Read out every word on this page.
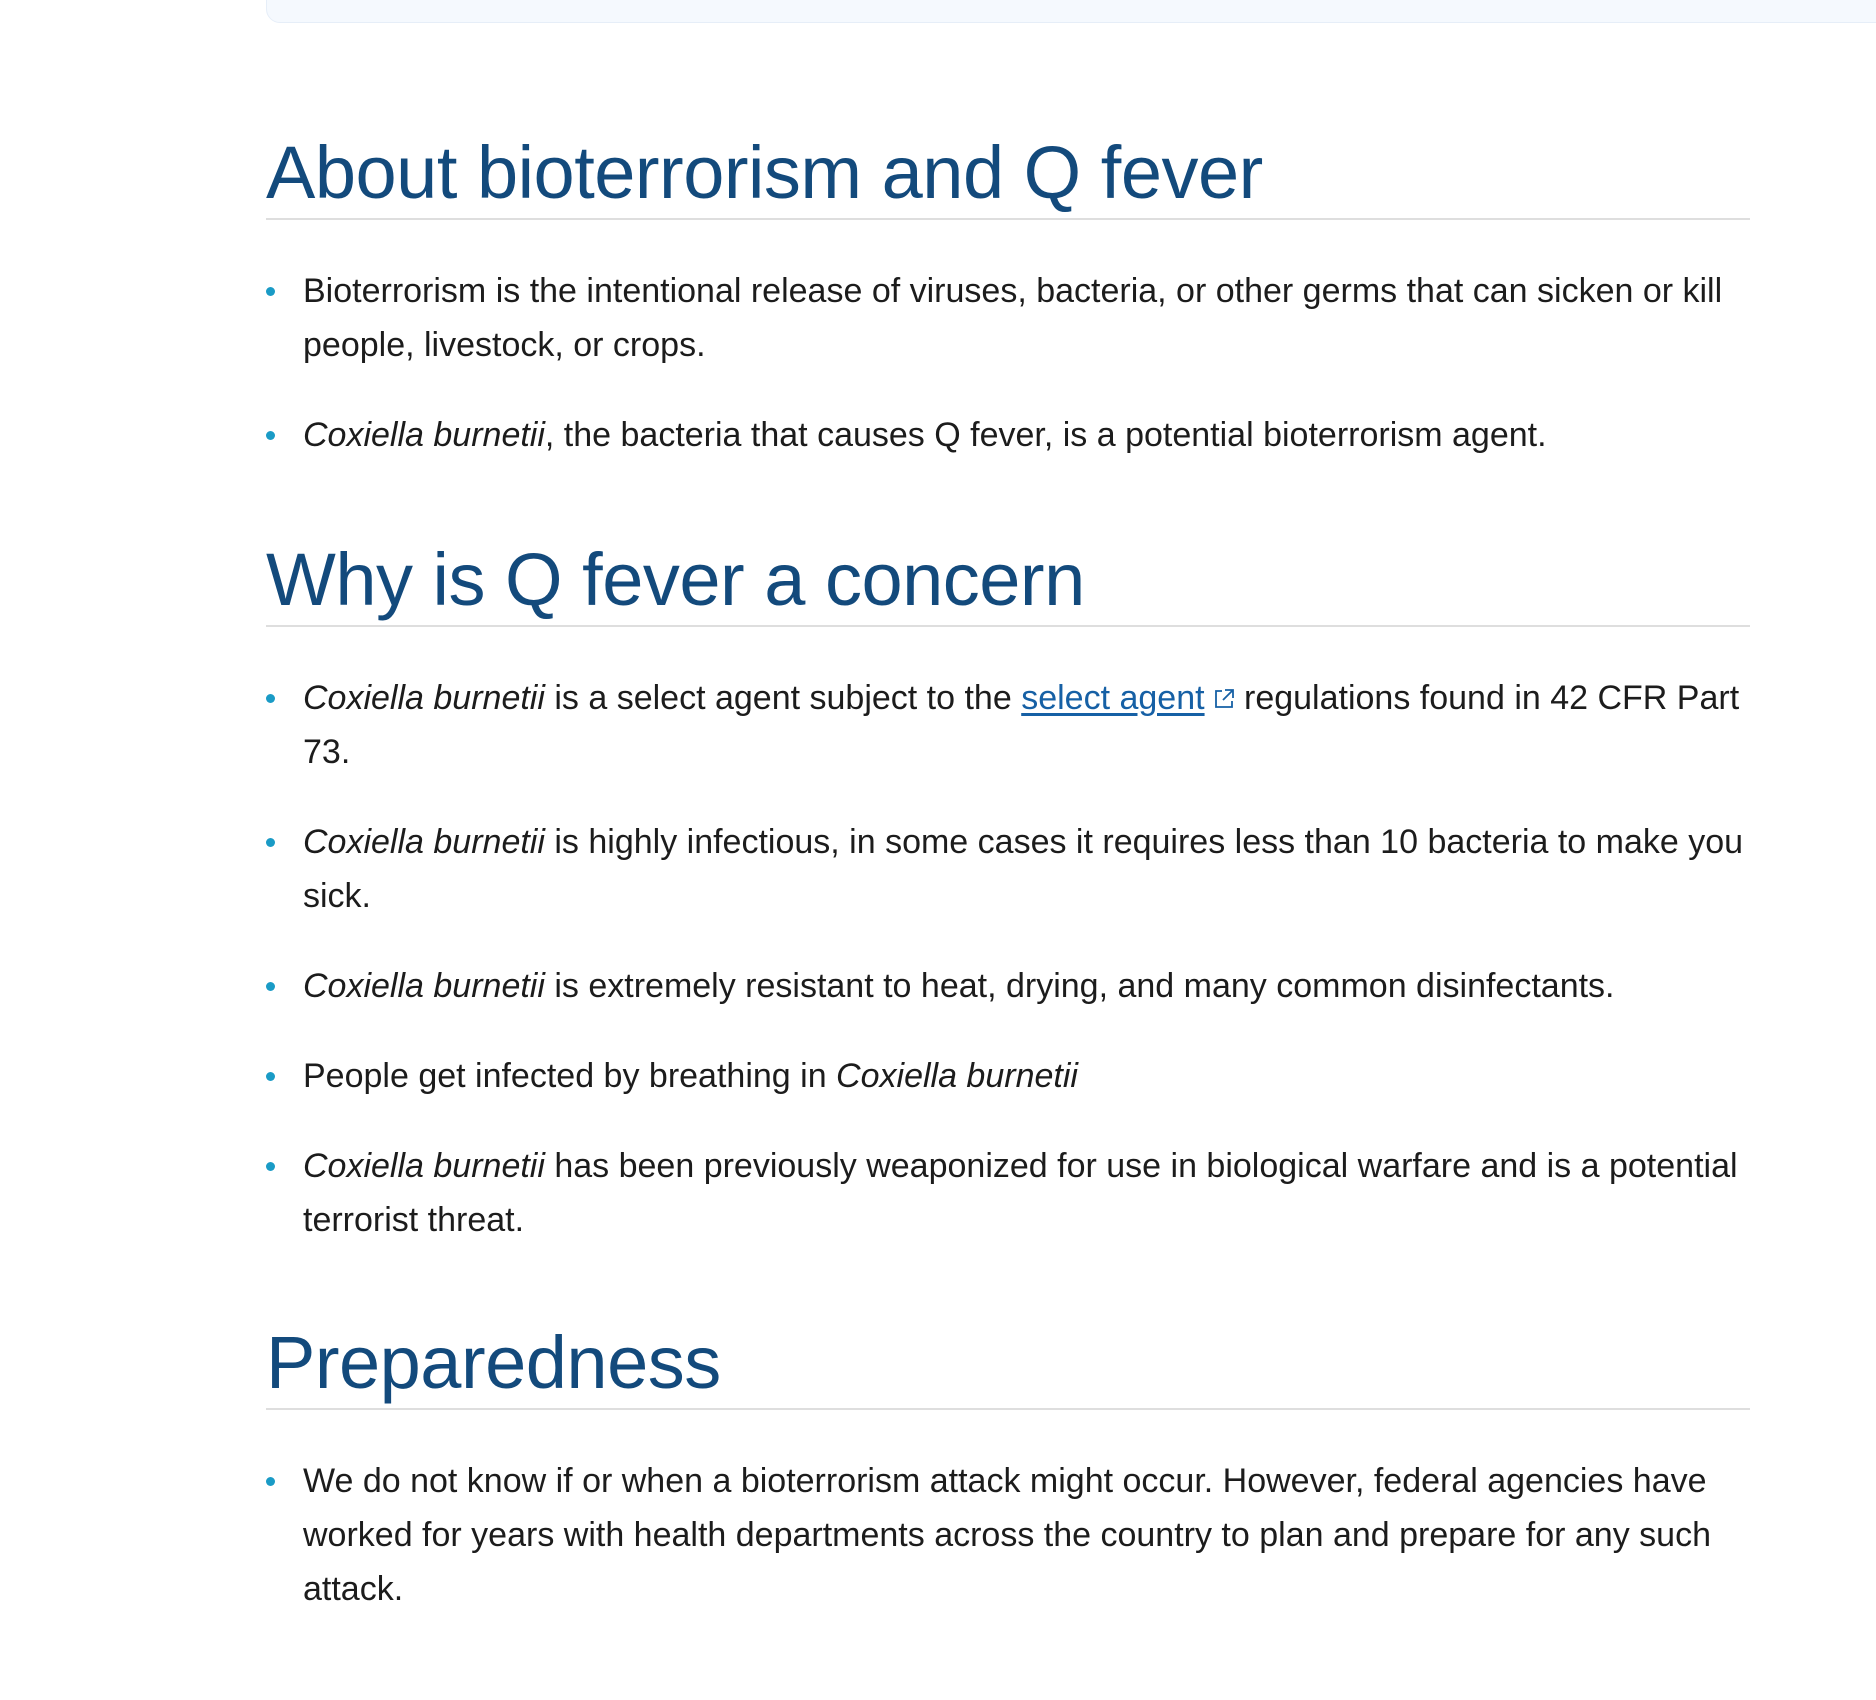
About bioterrorism and Q fever
Bioterrorism is the intentional release of viruses, bacteria, or other germs that can sicken or kill people, livestock, or crops.
Coxiella burnetii, the bacteria that causes Q fever, is a potential bioterrorism agent.
Why is Q fever a concern
Coxiella burnetii is a select agent subject to the select agent regulations found in 42 CFR Part 73.
Coxiella burnetii is highly infectious, in some cases it requires less than 10 bacteria to make you sick.
Coxiella burnetii is extremely resistant to heat, drying, and many common disinfectants.
People get infected by breathing in Coxiella burnetii
Coxiella burnetii has been previously weaponized for use in biological warfare and is a potential terrorist threat.
Preparedness
We do not know if or when a bioterrorism attack might occur. However, federal agencies have worked for years with health departments across the country to plan and prepare for any such attack.
